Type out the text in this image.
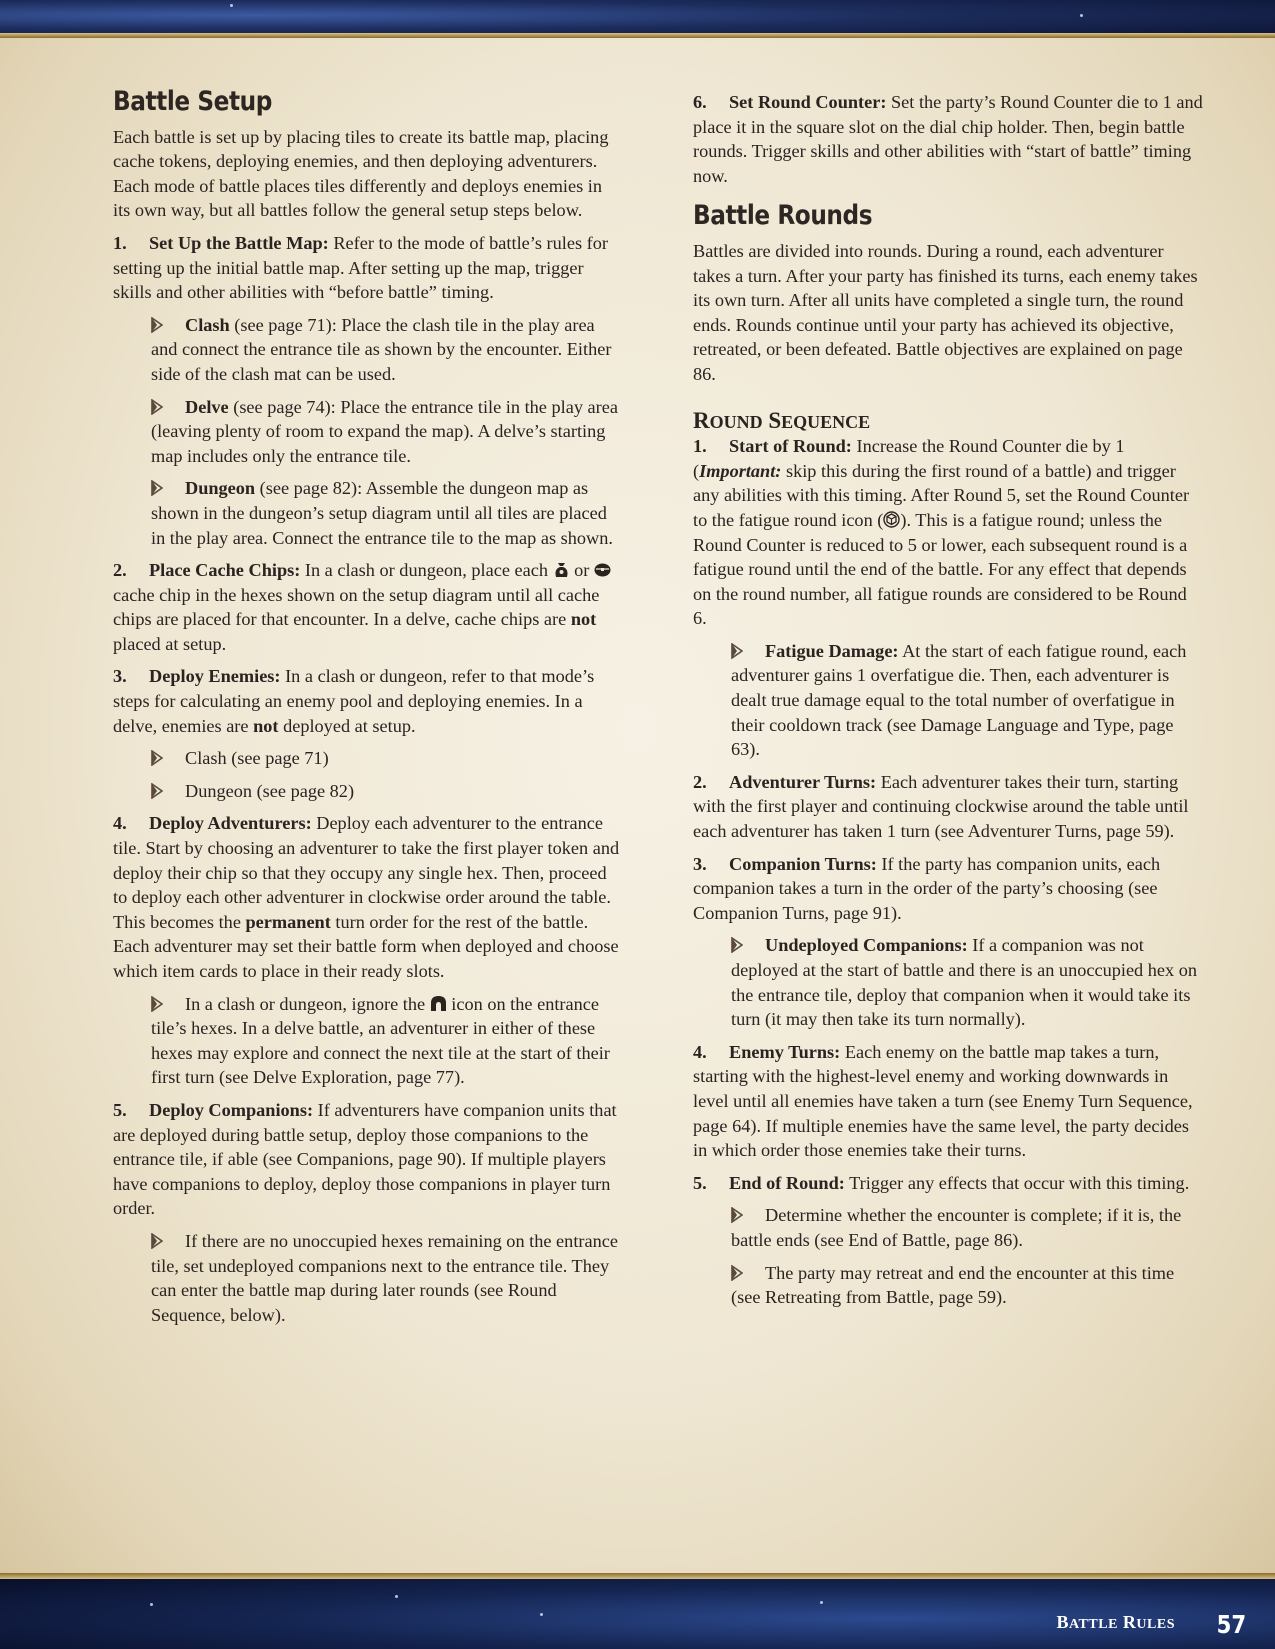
Battle Setup

Each battle is set up by placing tiles to create its battle map, placing cache tokens, deploying enemies, and then deploying adventurers. Each mode of battle places tiles differently and deploys enemies in its own way, but all battles follow the general setup steps below.

1. Set Up the Battle Map: Refer to the mode of battle’s rules for setting up the initial battle map. After setting up the map, trigger skills and other abilities with “before battle” timing.

Clash (see page 71): Place the clash tile in the play area and connect the entrance tile as shown by the encounter. Either side of the clash mat can be used.

Delve (see page 74): Place the entrance tile in the play area (leaving plenty of room to expand the map). A delve’s starting map includes only the entrance tile.

Dungeon (see page 82): Assemble the dungeon map as shown in the dungeon’s setup diagram until all tiles are placed in the play area. Connect the entrance tile to the map as shown.

2. Place Cache Chips: In a clash or dungeon, place each  or  cache chip in the hexes shown on the setup diagram until all cache chips are placed for that encounter. In a delve, cache chips are not placed at setup.

3. Deploy Enemies: In a clash or dungeon, refer to that mode’s steps for calculating an enemy pool and deploying enemies. In a delve, enemies are not deployed at setup.

Clash (see page 71)

Dungeon (see page 82)

4. Deploy Adventurers: Deploy each adventurer to the entrance tile. Start by choosing an adventurer to take the first player token and deploy their chip so that they occupy any single hex. Then, proceed to deploy each other adventurer in clockwise order around the table. This becomes the permanent turn order for the rest of the battle. Each adventurer may set their battle form when deployed and choose which item cards to place in their ready slots.

In a clash or dungeon, ignore the  icon on the entrance tile’s hexes. In a delve battle, an adventurer in either of these hexes may explore and connect the next tile at the start of their first turn (see Delve Exploration, page 77).

5. Deploy Companions: If adventurers have companion units that are deployed during battle setup, deploy those companions to the entrance tile, if able (see Companions, page 90). If multiple players have companions to deploy, deploy those companions in player turn order.

If there are no unoccupied hexes remaining on the entrance tile, set undeployed companions next to the entrance tile. They can enter the battle map during later rounds (see Round Sequence, below).

6. Set Round Counter: Set the party’s Round Counter die to 1 and place it in the square slot on the dial chip holder. Then, begin battle rounds. Trigger skills and other abilities with “start of battle” timing now.

Battle Rounds

Battles are divided into rounds. During a round, each adventurer takes a turn. After your party has finished its turns, each enemy takes its own turn. After all units have completed a single turn, the round ends. Rounds continue until your party has achieved its objective, retreated, or been defeated. Battle objectives are explained on page 86.

ROUND SEQUENCE

1. Start of Round: Increase the Round Counter die by 1 (Important: skip this during the first round of a battle) and trigger any abilities with this timing. After Round 5, set the Round Counter to the fatigue round icon ( ). This is a fatigue round; unless the Round Counter is reduced to 5 or lower, each subsequent round is a fatigue round until the end of the battle. For any effect that depends on the round number, all fatigue rounds are considered to be Round 6.

Fatigue Damage: At the start of each fatigue round, each adventurer gains 1 overfatigue die. Then, each adventurer is dealt true damage equal to the total number of overfatigue in their cooldown track (see Damage Language and Type, page 63).

2. Adventurer Turns: Each adventurer takes their turn, starting with the first player and continuing clockwise around the table until each adventurer has taken 1 turn (see Adventurer Turns, page 59).

3. Companion Turns: If the party has companion units, each companion takes a turn in the order of the party’s choosing (see Companion Turns, page 91).

Undeployed Companions: If a companion was not deployed at the start of battle and there is an unoccupied hex on the entrance tile, deploy that companion when it would take its turn (it may then take its turn normally).

4. Enemy Turns: Each enemy on the battle map takes a turn, starting with the highest-level enemy and working downwards in level until all enemies have taken a turn (see Enemy Turn Sequence, page 64). If multiple enemies have the same level, the party decides in which order those enemies take their turns.

5. End of Round: Trigger any effects that occur with this timing.

Determine whether the encounter is complete; if it is, the battle ends (see End of Battle, page 86).

The party may retreat and end the encounter at this time (see Retreating from Battle, page 59).

BATTLE RULES 57
